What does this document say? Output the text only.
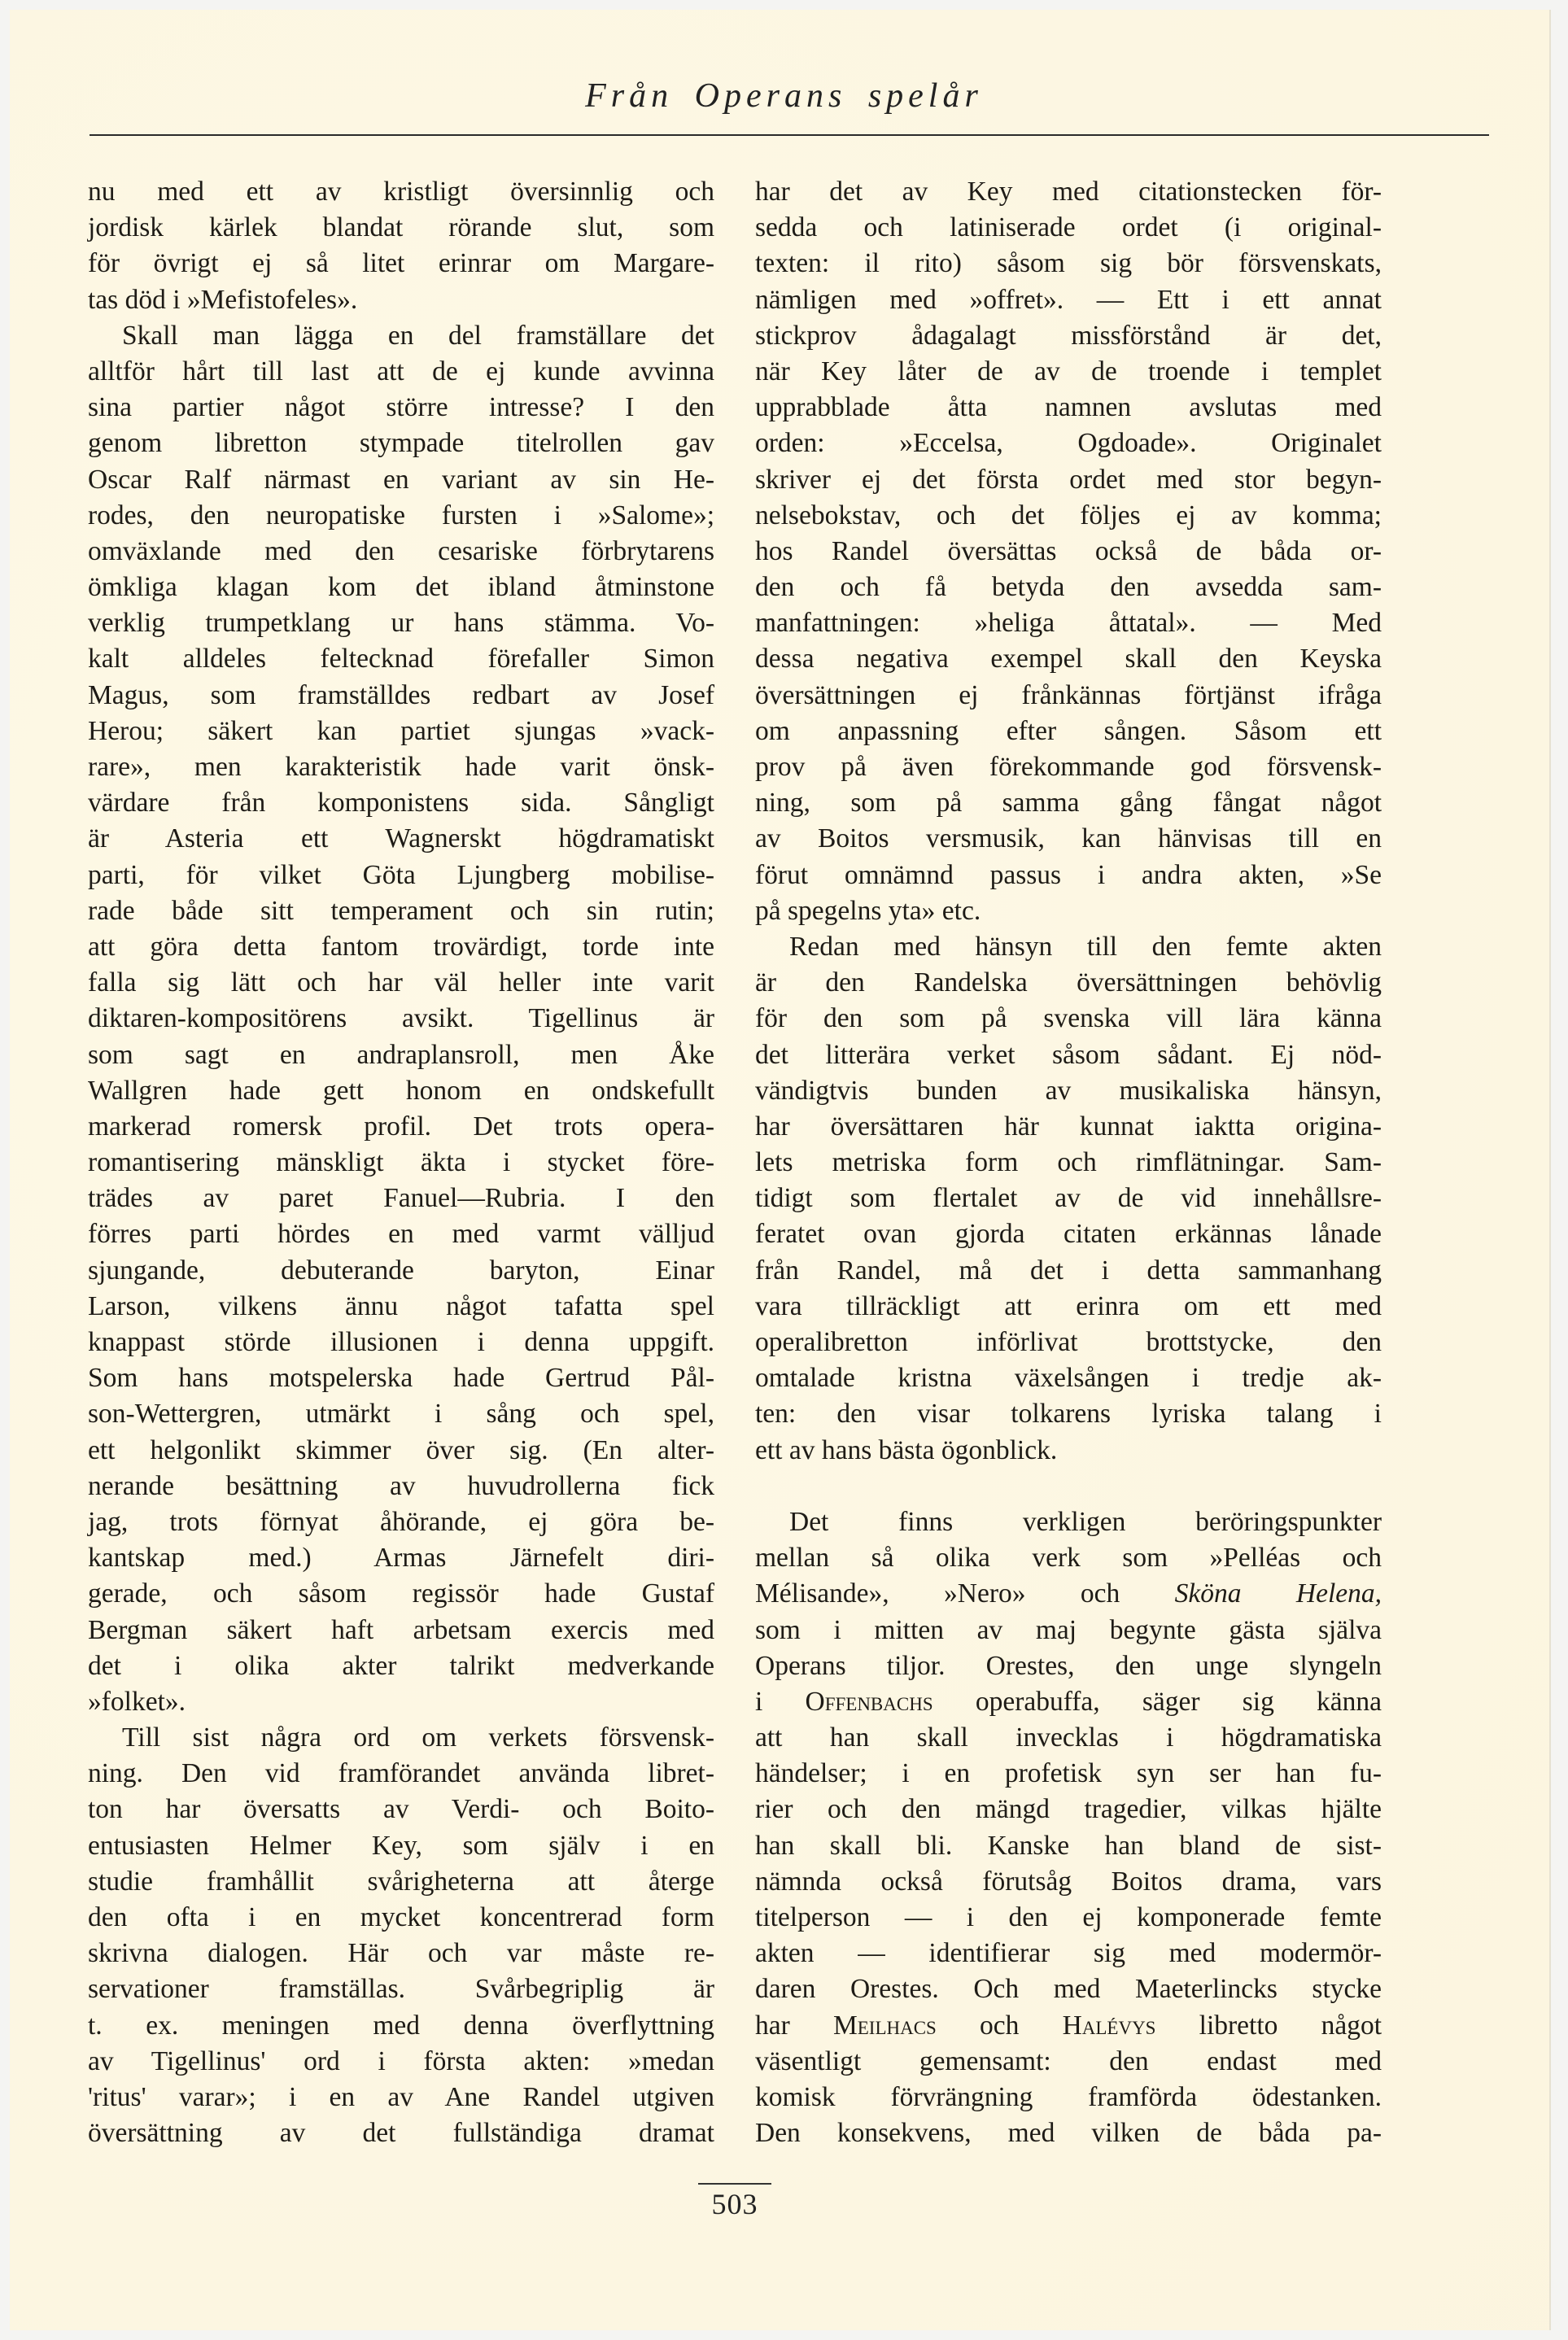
Från Operans spelår
nu med ett av kristligt översinnlig och
jordisk kärlek blandat rörande slut, som
för övrigt ej så litet erinrar om Margare-
tas död i »Mefistofeles».
Skall man lägga en del framställare det
alltför hårt till last att de ej kunde avvinna
sina partier något större intresse? I den
genom libretton stympade titelrollen gav
Oscar Ralf närmast en variant av sin He-
rodes, den neuropatiske fursten i »Salome»;
omväxlande med den cesariske förbrytarens
ömkliga klagan kom det ibland åtminstone
verklig trumpetklang ur hans stämma. Vo-
kalt alldeles feltecknad förefaller Simon
Magus, som framställdes redbart av Josef
Herou; säkert kan partiet sjungas »vack-
rare», men karakteristik hade varit önsk-
värdare från komponistens sida. Sångligt
är Asteria ett Wagnerskt högdramatiskt
parti, för vilket Göta Ljungberg mobilise-
rade både sitt temperament och sin rutin;
att göra detta fantom trovärdigt, torde inte
falla sig lätt och har väl heller inte varit
diktaren-kompositörens avsikt. Tigellinus är
som sagt en andraplansroll, men Åke
Wallgren hade gett honom en ondskefullt
markerad romersk profil. Det trots opera-
romantisering mänskligt äkta i stycket före-
trädes av paret Fanuel—Rubria. I den
förres parti hördes en med varmt välljud
sjungande, debuterande baryton, Einar
Larson, vilkens ännu något tafatta spel
knappast störde illusionen i denna uppgift.
Som hans motspelerska hade Gertrud Pål-
son-Wettergren, utmärkt i sång och spel,
ett helgonlikt skimmer över sig. (En alter-
nerande besättning av huvudrollerna fick
jag, trots förnyat åhörande, ej göra be-
kantskap med.) Armas Järnefelt diri-
gerade, och såsom regissör hade Gustaf
Bergman säkert haft arbetsam exercis med
det i olika akter talrikt medverkande
»folket».
Till sist några ord om verkets försvensk-
ning. Den vid framförandet använda libret-
ton har översatts av Verdi- och Boito-
entusiasten Helmer Key, som själv i en
studie framhållit svårigheterna att återge
den ofta i en mycket koncentrerad form
skrivna dialogen. Här och var måste re-
servationer framställas. Svårbegriplig är
t. ex. meningen med denna överflyttning
av Tigellinus' ord i första akten: »medan
'ritus' varar»; i en av Ane Randel utgiven
översättning av det fullständiga dramat
har det av Key med citationstecken för-
sedda och latiniserade ordet (i original-
texten: il rito) såsom sig bör försvenskats,
nämligen med »offret». — Ett i ett annat
stickprov ådagalagt missförstånd är det,
när Key låter de av de troende i templet
upprabblade åtta namnen avslutas med
orden: »Eccelsa, Ogdoade». Originalet
skriver ej det första ordet med stor begyn-
nelsebokstav, och det följes ej av komma;
hos Randel översättas också de båda or-
den och få betyda den avsedda sam-
manfattningen: »heliga åttatal». — Med
dessa negativa exempel skall den Keyska
översättningen ej frånkännas förtjänst ifråga
om anpassning efter sången. Såsom ett
prov på även förekommande god försvensk-
ning, som på samma gång fångat något
av Boitos versmusik, kan hänvisas till en
förut omnämnd passus i andra akten, »Se
på spegelns yta» etc.
Redan med hänsyn till den femte akten
är den Randelska översättningen behövlig
för den som på svenska vill lära känna
det litterära verket såsom sådant. Ej nöd-
vändigtvis bunden av musikaliska hänsyn,
har översättaren här kunnat iaktta origina-
lets metriska form och rimflätningar. Sam-
tidigt som flertalet av de vid innehållsre-
feratet ovan gjorda citaten erkännas lånade
från Randel, må det i detta sammanhang
vara tillräckligt att erinra om ett med
operalibretton införlivat brottstycke, den
omtalade kristna växelsången i tredje ak-
ten: den visar tolkarens lyriska talang i
ett av hans bästa ögonblick.
Det finns verkligen beröringspunkter
mellan så olika verk som »Pelléas och
Mélisande», »Nero» och Sköna Helena,
som i mitten av maj begynte gästa själva
Operans tiljor. Orestes, den unge slyngeln
i Offenbachs operabuffa, säger sig känna
att han skall invecklas i högdramatiska
händelser; i en profetisk syn ser han fu-
rier och den mängd tragedier, vilkas hjälte
han skall bli. Kanske han bland de sist-
nämnda också förutsåg Boitos drama, vars
titelperson — i den ej komponerade femte
akten — identifierar sig med modermör-
daren Orestes. Och med Maeterlincks stycke
har Meilhacs och Halévys libretto något
väsentligt gemensamt: den endast med
komisk förvrängning framförda ödestanken.
Den konsekvens, med vilken de båda pa-
503
